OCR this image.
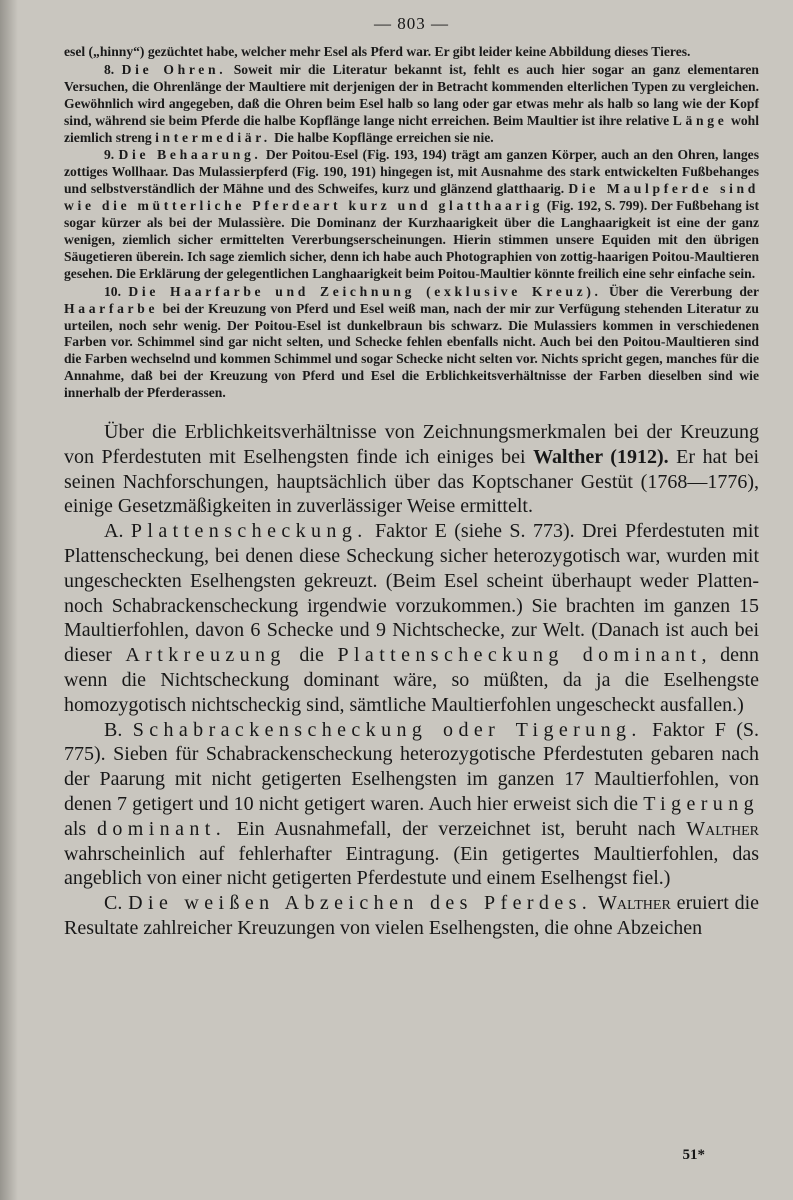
— 803 —

esel („hinny“) gezüchtet habe, welcher mehr Esel als Pferd war. Er gibt leider keine Abbildung dieses Tieres.

8. Die Ohren. Soweit mir die Literatur bekannt ist, fehlt es auch hier sogar an ganz elementaren Versuchen, die Ohrenlänge der Maultiere mit derjenigen der in Betracht kommenden elterlichen Typen zu vergleichen. Gewöhnlich wird angegeben, daß die Ohren beim Esel halb so lang oder gar etwas mehr als halb so lang wie der Kopf sind, während sie beim Pferde die halbe Kopflänge lange nicht erreichen. Beim Maultier ist ihre relative Länge wohl ziemlich streng intermediär. Die halbe Kopflänge erreichen sie nie.

9. Die Behaarung. Der Poitou-Esel (Fig. 193, 194) trägt am ganzen Körper, auch an den Ohren, langes zottiges Wollhaar. Das Mulassierpferd (Fig. 190, 191) hingegen ist, mit Ausnahme des stark entwickelten Fußbehanges und selbstverständlich der Mähne und des Schweifes, kurz und glänzend glatthaarig. Die Maulpferde sind wie die mütterliche Pferdeart kurz und glatthaarig (Fig. 192, S. 799). Der Fußbehang ist sogar kürzer als bei der Mulassière. Die Dominanz der Kurzhaarigkeit über die Langhaarigkeit ist eine der ganz wenigen, ziemlich sicher ermittelten Vererbungserscheinungen. Hierin stimmen unsere Equiden mit den übrigen Säugetieren überein. Ich sage ziemlich sicher, denn ich habe auch Photographien von zottig-haarigen Poitou-Maultieren gesehen. Die Erklärung der gelegentlichen Langhaarigkeit beim Poitou-Maultier könnte freilich eine sehr einfache sein.

10. Die Haarfarbe und Zeichnung (exklusive Kreuz). Über die Vererbung der Haarfarbe bei der Kreuzung von Pferd und Esel weiß man, nach der mir zur Verfügung stehenden Literatur zu urteilen, noch sehr wenig. Der Poitou-Esel ist dunkelbraun bis schwarz. Die Mulassiers kommen in verschiedenen Farben vor. Schimmel sind gar nicht selten, und Schecke fehlen ebenfalls nicht. Auch bei den Poitou-Maultieren sind die Farben wechselnd und kommen Schimmel und sogar Schecke nicht selten vor. Nichts spricht gegen, manches für die Annahme, daß bei der Kreuzung von Pferd und Esel die Erblichkeitsverhältnisse der Farben dieselben sind wie innerhalb der Pferderassen.

Über die Erblichkeitsverhältnisse von Zeichnungsmerkmalen bei der Kreuzung von Pferdestuten mit Eselhengsten finde ich einiges bei Walther (1912). Er hat bei seinen Nachforschungen, hauptsächlich über das Koptschaner Gestüt (1768—1776), einige Gesetzmäßigkeiten in zuverlässiger Weise ermittelt.

A. Plattenscheckung. Faktor E (siehe S. 773). Drei Pferdestuten mit Plattenscheckung, bei denen diese Scheckung sicher heterozygotisch war, wurden mit ungescheckten Eselhengsten gekreuzt. (Beim Esel scheint überhaupt weder Platten- noch Schabrackenscheckung irgendwie vorzukommen.) Sie brachten im ganzen 15 Maultierfohlen, davon 6 Schecke und 9 Nichtschecke, zur Welt. (Danach ist auch bei dieser Artkreuzung die Plattenscheckung dominant, denn wenn die Nichtscheckung dominant wäre, so müßten, da ja die Eselhengste homozygotisch nichtscheckig sind, sämtliche Maultierfohlen ungescheckt ausfallen.)

B. Schabrackenscheckung oder Tigerung. Faktor F (S. 775). Sieben für Schabrackenscheckung heterozygotische Pferdestuten gebaren nach der Paarung mit nicht getigerten Eselhengsten im ganzen 17 Maultierfohlen, von denen 7 getigert und 10 nicht getigert waren. Auch hier erweist sich die Tigerung als dominant. Ein Ausnahmefall, der verzeichnet ist, beruht nach Walther wahrscheinlich auf fehlerhafter Eintragung. (Ein getigertes Maultierfohlen, das angeblich von einer nicht getigerten Pferdestute und einem Eselhengst fiel.)

C. Die weißen Abzeichen des Pferdes. Walther eruiert die Resultate zahlreicher Kreuzungen von vielen Eselhengsten, die ohne Abzeichen

51*
